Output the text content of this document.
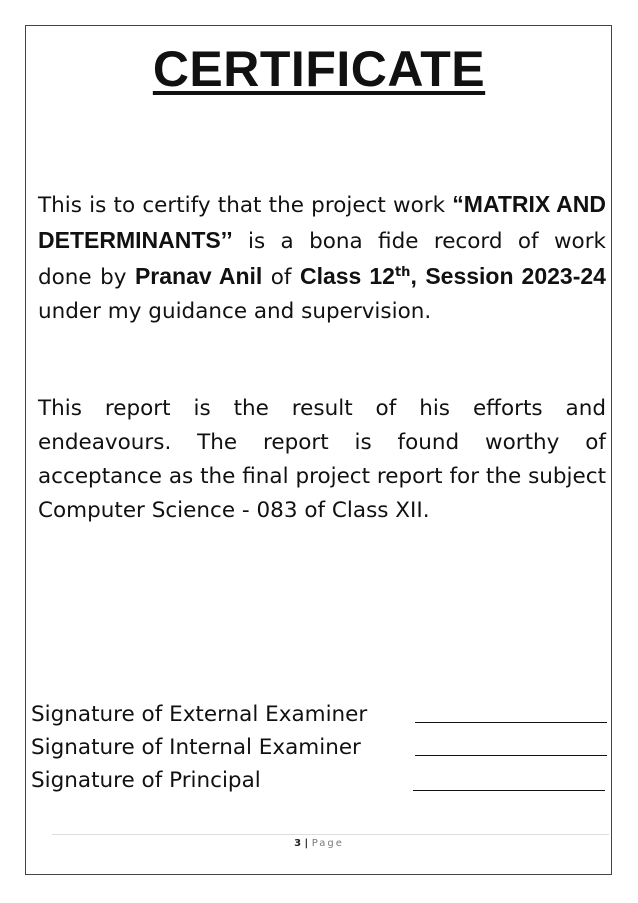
CERTIFICATE

This is to certify that the project work “MATRIX AND DETERMINANTS’’ is a bona fide record of work done by Pranav Anil of Class 12th, Session 2023-24 under my guidance and supervision.

This report is the result of his efforts and endeavours. The report is found worthy of acceptance as the final project report for the subject Computer Science - 083 of Class XII.

Signature of External Examiner
Signature of Internal Examiner
Signature of Principal
3 | Page
